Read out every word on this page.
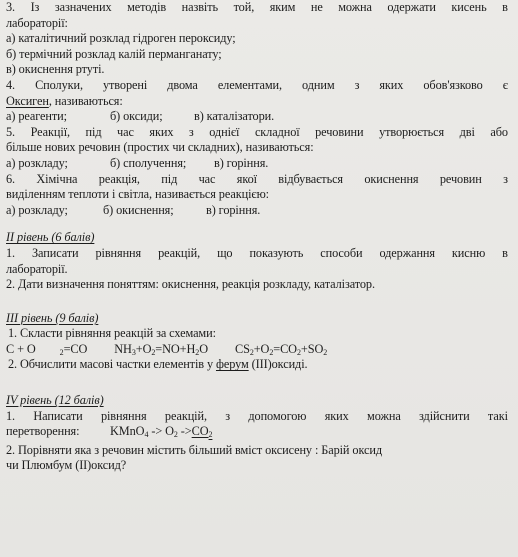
3. Із зазначених методів назвіть той, яким не можна одержати кисень в
лабораторії:
а) каталітичний розклад гідроген пероксиду;
б) термічний розклад калій перманганату;
в) окиснення ртуті.
4. Сполуки, утворені двома елементами, одним з яких обов'язково є
Оксиген, називаються:
а) реагенти;	б) оксиди;	в) каталізатори.
5. Реакції, під час яких з однієї складної речовини утворюється дві або
більше нових речовин (простих чи складних), називаються:
а) розкладу;	б) сполучення; в) горіння.
6. Хімічна реакція, під час якої відбувається окиснення речовин з
виділенням теплоти і світла, називається реакцією:
а) розкладу;	б) окиснення;	в) горіння.
ІІ рівень (6 балів)
1. Записати рівняння реакцій, що показують способи одержання кисню в
лабораторії.
2. Дати визначення поняттям: окиснення, реакція розкладу, каталізатор.
ІІІ рівень (9 балів)
1. Скласти рівняння реакцій за схемами:
C + O	$_2$=CO $NH_3+O_2=NO+H_2O$ $CS_2+O_2=CO_2+SO_2$
2. Обчислити масові частки елементів у ферум (ІІІ)оксиді.
IV рівень (12 балів)
1. Написати рівняння реакцій, з допомогою яких можна здійснити такі
перетворення: KMnO$_4$ -> $O_2$ $->CO_2$
2. Порівняти яка з речовин містить більший вміст оксисену : Барій оксид
чи Плюмбум (ІІ)оксид?
